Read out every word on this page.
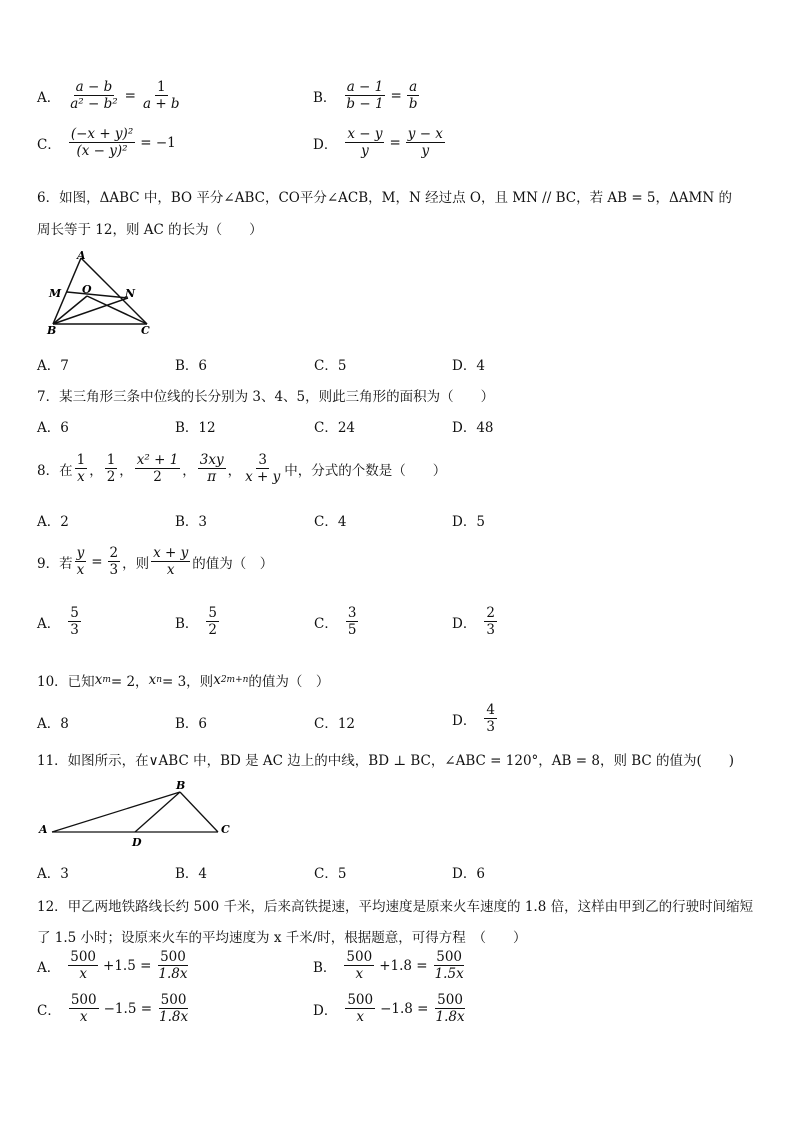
A． $\frac{a - b}{\text{a² − b²}} = \frac{1}{a + b}$	B． $\frac{a - 1}{b - 1} = \frac{a}{b}$
C． $\frac{\text{(−x + y)²}}{\text{(x − y)²}} = -1$	D． $\frac{x - y}{y} = \frac{y - x}{y}$
6．如图，ΔABC 中，BO 平分∠ABC，CO平分∠ACB，M，N 经过点 O，且 MN // BC，若 AB = 5，ΔAMN 的
周长等于 12，则 AC 的长为（　　）
A
M O	N
B	C
A．7	B．6	C．5	D．4
7．某三角形三条中位线的长分别为 3、4、5，则此三角形的面积为（　　）
A．6	B．12	C．24	D．48
8．在 $\frac{1}{x}$ ， $\frac{1}{2}$ ， $\frac{\text{x² + 1}}{2}$ ， $\frac{3xy}{\pi}$ ， $\frac{3}{x + y}$ 中，分式的个数是（　　）
A．2	B．3	C．4	D．5
9．若 $\frac{y}{x} = \frac{2}{3}$ ，则 $\frac{x + y}{x}$ 的值为（　）
A． $\frac{5}{3}$	B． $\frac{5}{2}$	C． $\frac{3}{5}$	D． $\frac{2}{3}$
10．已知 x m = 2， x n = 3，则 x 2m+n 的值为（　）
A．8	B．6	C．12	D． $\frac{4}{3}$
11．如图所示，在∨ABC 中，BD 是 AC 边上的中线，BD ⊥ BC，∠ABC = 120°，AB = 8，则 BC 的值为(　　)
B
A	C
D
A．3	B．4	C．5	D．6
12．甲乙两地铁路线长约 500 千米，后来高铁提速，平均速度是原来火车速度的 1.8 倍，这样由甲到乙的行驶时间缩短
了 1.5 小时；设原来火车的平均速度为 x 千米/时，根据题意，可得方程　（　　）
A． $\frac{500}{x} +1.5 = \frac{500}{1.8x}$	B． $\frac{500}{x} +1.8 = \frac{500}{1.5x}$
C． $\frac{500}{x} -1.5 = \frac{500}{1.8x}$	D． $\frac{500}{x} -1.8 = \frac{500}{1.8x}$
